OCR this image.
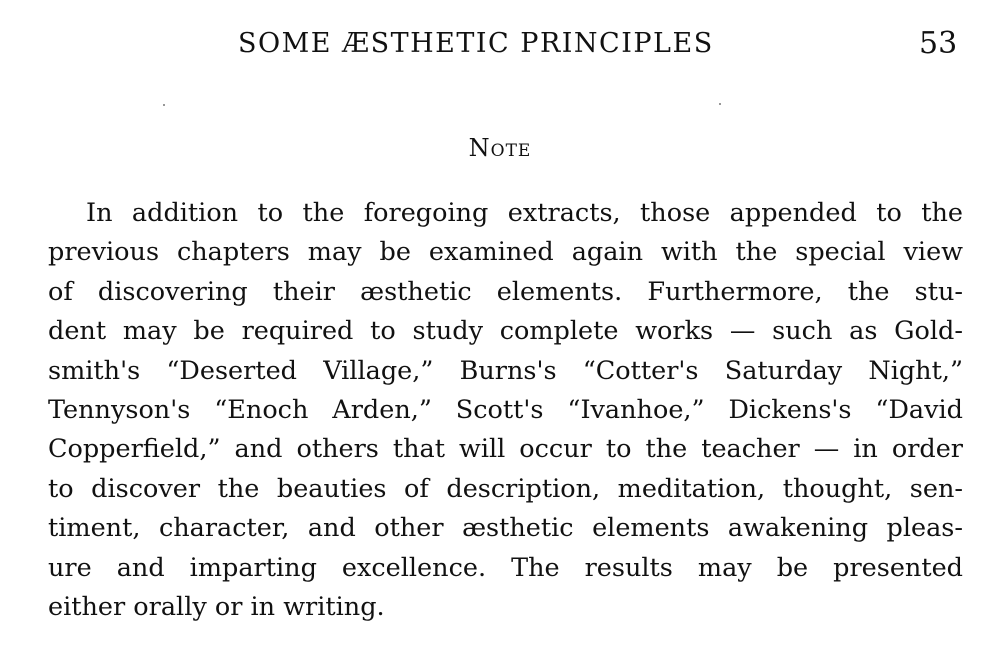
SOME ÆSTHETIC PRINCIPLES	53
Note
In addition to the foregoing extracts, those appended to the
previous chapters may be examined again with the special view
of discovering their æsthetic elements. Furthermore, the stu-
dent may be required to study complete works — such as Gold-
smith's “Deserted Village,” Burns's “Cotter's Saturday Night,”
Tennyson's “Enoch Arden,” Scott's “Ivanhoe,” Dickens's “David
Copperfield,” and others that will occur to the teacher — in order
to discover the beauties of description, meditation, thought, sen-
timent, character, and other æsthetic elements awakening pleas-
ure and imparting excellence. The results may be presented
either orally or in writing.
